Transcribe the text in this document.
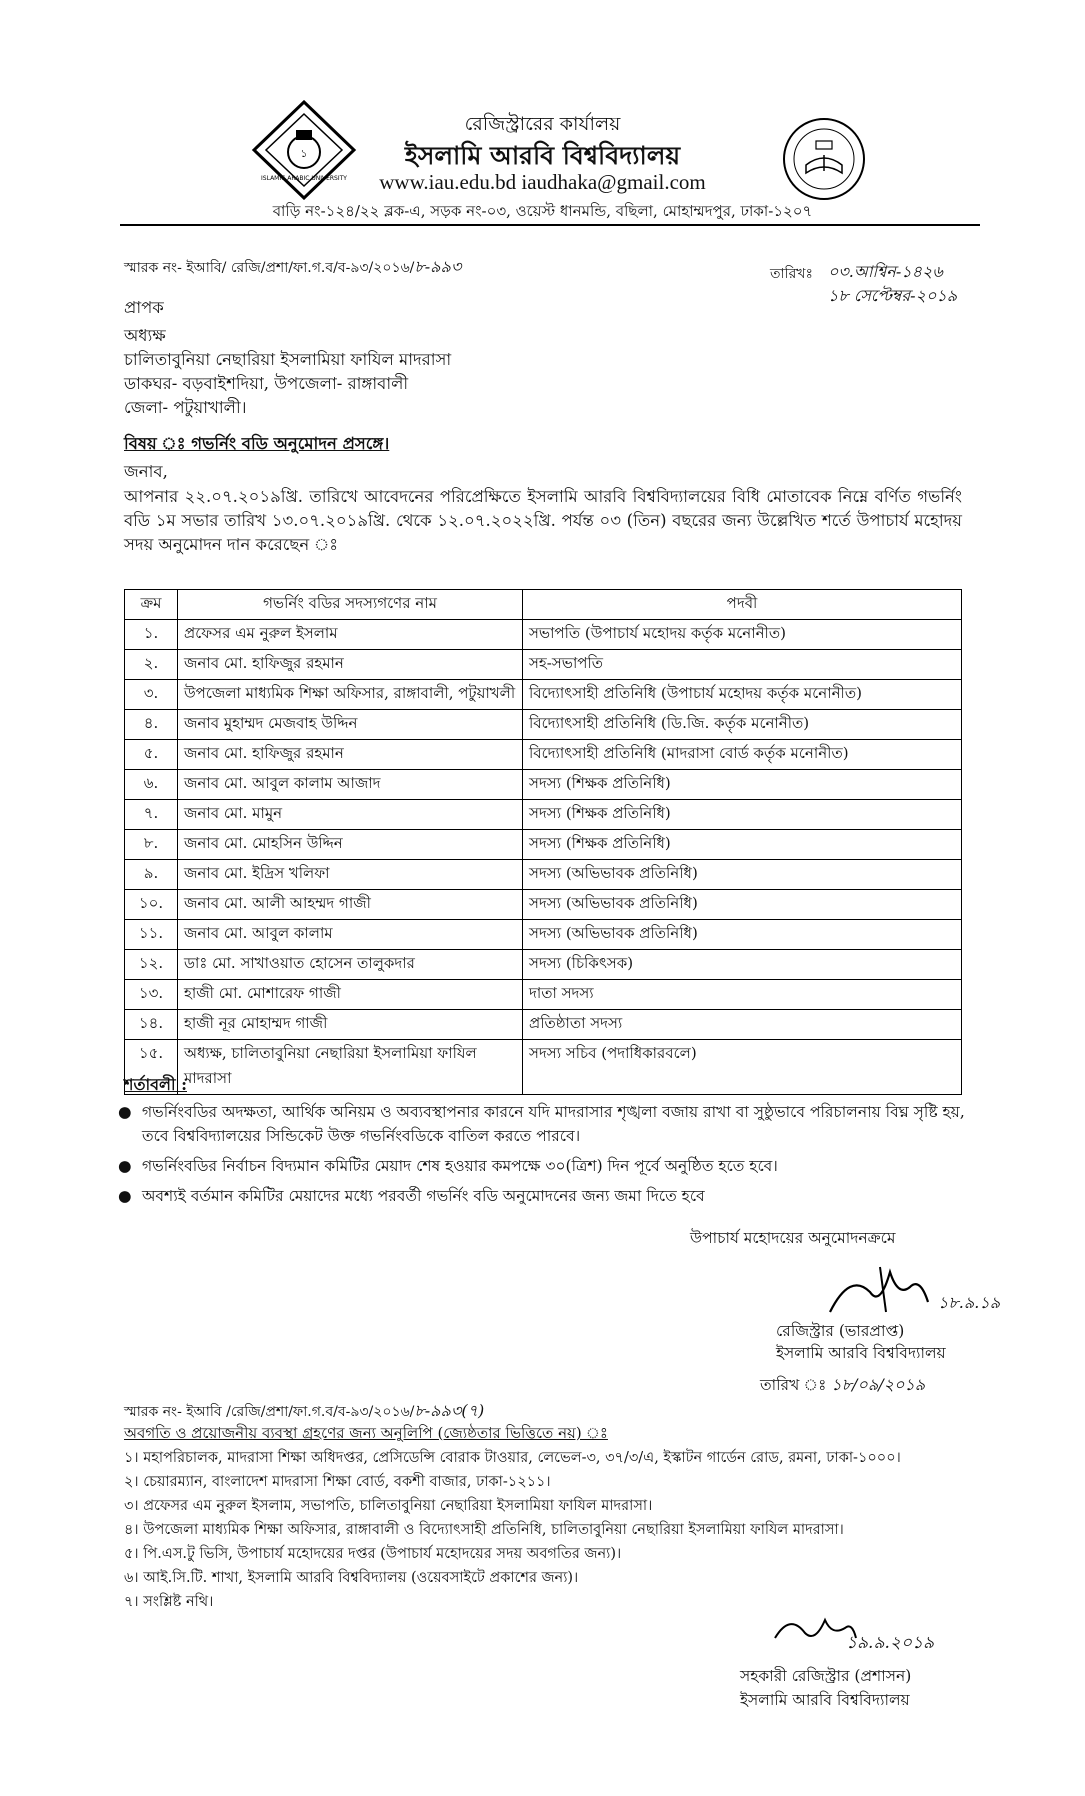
১
ISLAMIC ARABIC UNIVERSITY
রেজিস্ট্রারের কার্যালয়
ইসলামি আরবি বিশ্ববিদ্যালয়
www.iau.edu.bd iaudhaka@gmail.com
বাড়ি নং-১২৪/২২ ব্লক-এ, সড়ক নং-০৩, ওয়েস্ট ধানমন্ডি, বছিলা, মোহাম্মদপুর, ঢাকা-১২০৭
স্মারক নং- ইআবি/ রেজি/প্রশা/ফা.গ.ব/ব-৯৩/২০১৬/৮-৯৯৩	তারিখঃ ০৩.আশ্বিন-১৪২৬
১৮ সেপ্টেম্বর-২০১৯
প্রাপক
অধ্যক্ষ
চালিতাবুনিয়া নেছারিয়া ইসলামিয়া ফাযিল মাদরাসা
ডাকঘর- বড়বাইশদিয়া, উপজেলা- রাঙ্গাবালী
জেলা- পটুয়াখালী।
বিষয় ঃ গভর্নিং বডি অনুমোদন প্রসঙ্গে।
জনাব,
আপনার ২২.০৭.২০১৯খ্রি. তারিখে আবেদনের পরিপ্রেক্ষিতে ইসলামি আরবি বিশ্ববিদ্যালয়ের বিধি মোতাবেক নিম্নে বর্ণিত গভর্নিং বডি ১ম সভার তারিখ ১৩.০৭.২০১৯খ্রি. থেকে ১২.০৭.২০২২খ্রি. পর্যন্ত ০৩ (তিন) বছরের জন্য উল্লেখিত শর্তে উপাচার্য মহোদয় সদয় অনুমোদন দান করেছেন ঃ
ক্রম	গভর্নিং বডির সদস্যগণের নাম	পদবী
১.	প্রফেসর এম নুরুল ইসলাম	সভাপতি (উপাচার্য মহোদয় কর্তৃক মনোনীত)
২.	জনাব মো. হাফিজুর রহমান	সহ-সভাপতি
৩.	উপজেলা মাধ্যমিক শিক্ষা অফিসার, রাঙ্গাবালী, পটুয়াখলী	বিদ্যোৎসাহী প্রতিনিধি (উপাচার্য মহোদয় কর্তৃক মনোনীত)
৪.	জনাব মুহাম্মদ মেজবাহ উদ্দিন	বিদ্যোৎসাহী প্রতিনিধি (ডি.জি. কর্তৃক মনোনীত)
৫.	জনাব মো. হাফিজুর রহমান	বিদ্যোৎসাহী প্রতিনিধি (মাদরাসা বোর্ড কর্তৃক মনোনীত)
৬.	জনাব মো. আবুল কালাম আজাদ	সদস্য (শিক্ষক প্রতিনিধি)
৭.	জনাব মো. মামুন	সদস্য (শিক্ষক প্রতিনিধি)
৮.	জনাব মো. মোহসিন উদ্দিন	সদস্য (শিক্ষক প্রতিনিধি)
৯.	জনাব মো. ইদ্রিস খলিফা	সদস্য (অভিভাবক প্রতিনিধি)
১০.	জনাব মো. আলী আহম্মদ গাজী	সদস্য (অভিভাবক প্রতিনিধি)
১১.	জনাব মো. আবুল কালাম	সদস্য (অভিভাবক প্রতিনিধি)
১২.	ডাঃ মো. সাখাওয়াত হোসেন তালুকদার	সদস্য (চিকিৎসক)
১৩.	হাজী মো. মোশারেফ গাজী	দাতা সদস্য
১৪.	হাজী নূর মোহাম্মদ গাজী	প্রতিষ্ঠাতা সদস্য
১৫.	অধ্যক্ষ, চালিতাবুনিয়া নেছারিয়া ইসলামিয়া ফাযিল মাদরাসা	সদস্য সচিব (পদাধিকারবলে)
শর্তাবলী :
● গভর্নিংবডির অদক্ষতা, আর্থিক অনিয়ম ও অব্যবস্থাপনার কারনে যদি মাদরাসার শৃঙ্খলা বজায় রাখা বা সুষ্ঠুভাবে পরিচালনায় বিঘ্ন সৃষ্টি হয়, তবে বিশ্ববিদ্যালয়ের সিন্ডিকেট উক্ত গভর্নিংবডিকে বাতিল করতে পারবে।
● গভর্নিংবডির নির্বাচন বিদ্যমান কমিটির মেয়াদ শেষ হওয়ার কমপক্ষে ৩০(ত্রিশ) দিন পূর্বে অনুষ্ঠিত হতে হবে।
● অবশ্যই বর্তমান কমিটির মেয়াদের মধ্যে পরবর্তী গভর্নিং বডি অনুমোদনের জন্য জমা দিতে হবে
উপাচার্য মহোদয়ের অনুমোদনক্রমে
১৮.৯.১৯
রেজিস্ট্রার (ভারপ্রাপ্ত)
ইসলামি আরবি বিশ্ববিদ্যালয়
তারিখ ঃ ১৮/০৯/২০১৯
স্মারক নং- ইআবি /রেজি/প্রশা/ফা.গ.ব/ব-৯৩/২০১৬/৮-৯৯৩(৭)
অবগতি ও প্রয়োজনীয় ব্যবস্থা গ্রহণের জন্য অনুলিপি (জ্যেষ্ঠতার ভিত্তিতে নয়) ঃ
১। মহাপরিচালক, মাদরাসা শিক্ষা অধিদপ্তর, প্রেসিডেন্সি বোরাক টাওয়ার, লেভেল-৩, ৩৭/৩/এ, ইস্কাটন গার্ডেন রোড, রমনা, ঢাকা-১০০০।
২। চেয়ারম্যান, বাংলাদেশ মাদরাসা শিক্ষা বোর্ড, বকশী বাজার, ঢাকা-১২১১।
৩। প্রফেসর এম নুরুল ইসলাম, সভাপতি, চালিতাবুনিয়া নেছারিয়া ইসলামিয়া ফাযিল মাদরাসা।
৪। উপজেলা মাধ্যমিক শিক্ষা অফিসার, রাঙ্গাবালী ও বিদ্যোৎসাহী প্রতিনিধি, চালিতাবুনিয়া নেছারিয়া ইসলামিয়া ফাযিল মাদরাসা।
৫। পি.এস.টু ভিসি, উপাচার্য মহোদয়ের দপ্তর (উপাচার্য মহোদয়ের সদয় অবগতির জন্য)।
৬। আই.সি.টি. শাখা, ইসলামি আরবি বিশ্ববিদ্যালয় (ওয়েবসাইটে প্রকাশের জন্য)।
৭। সংশ্লিষ্ট নথি।
১৯.৯.২০১৯
সহকারী রেজিস্ট্রার (প্রশাসন)
ইসলামি আরবি বিশ্ববিদ্যালয়
